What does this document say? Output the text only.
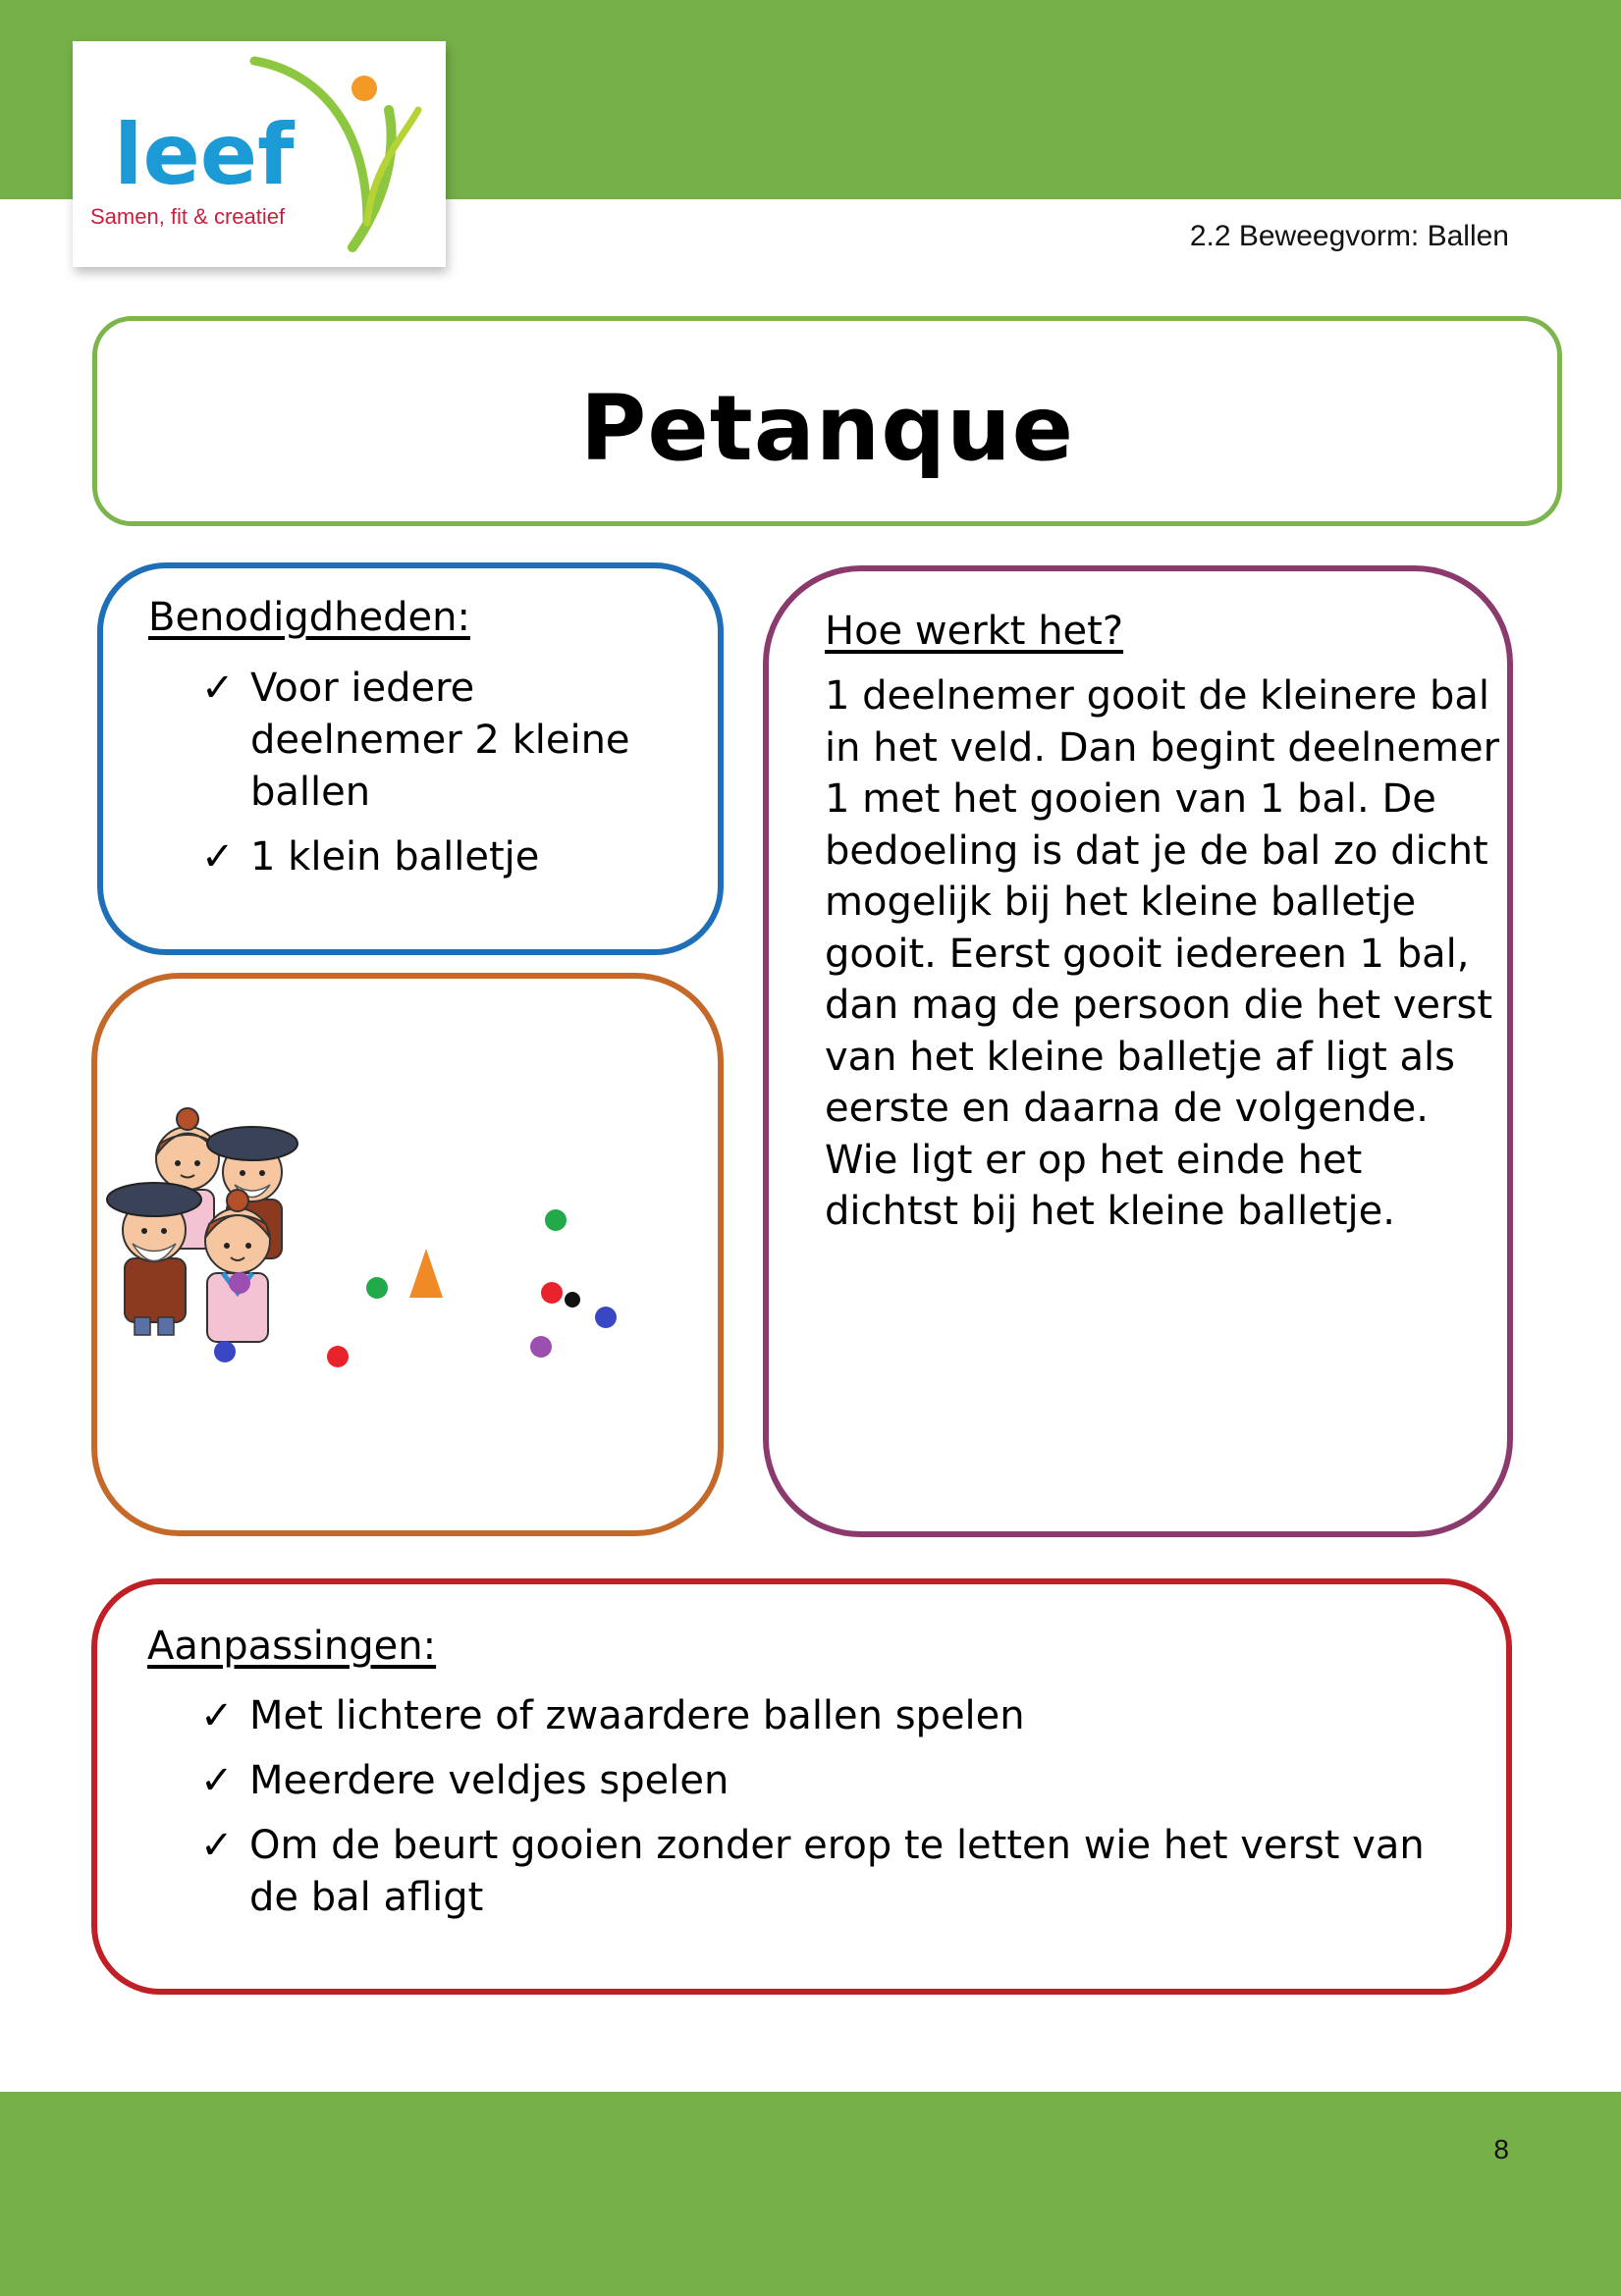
leef
Samen, fit & creatief
2.2 Beweegvorm: Ballen
Petanque
Benodigdheden:
✓ Voor iedere deelnemer 2 kleine ballen
✓ 1 klein balletje
Hoe werkt het?

1 deelnemer gooit de kleinere bal in het veld. Dan begint deelnemer 1 met het gooien van 1 bal. De bedoeling is dat je de bal zo dicht mogelijk bij het kleine balletje gooit. Eerst gooit iedereen 1 bal, dan mag de persoon die het verst van het kleine balletje af ligt als eerste en daarna de volgende. Wie ligt er op het einde het dichtst bij het kleine balletje.

Aanpassingen:
✓ Met lichtere of zwaardere ballen spelen
✓ Meerdere veldjes spelen
✓ Om de beurt gooien zonder erop te letten wie het verst van de bal afligt
8
